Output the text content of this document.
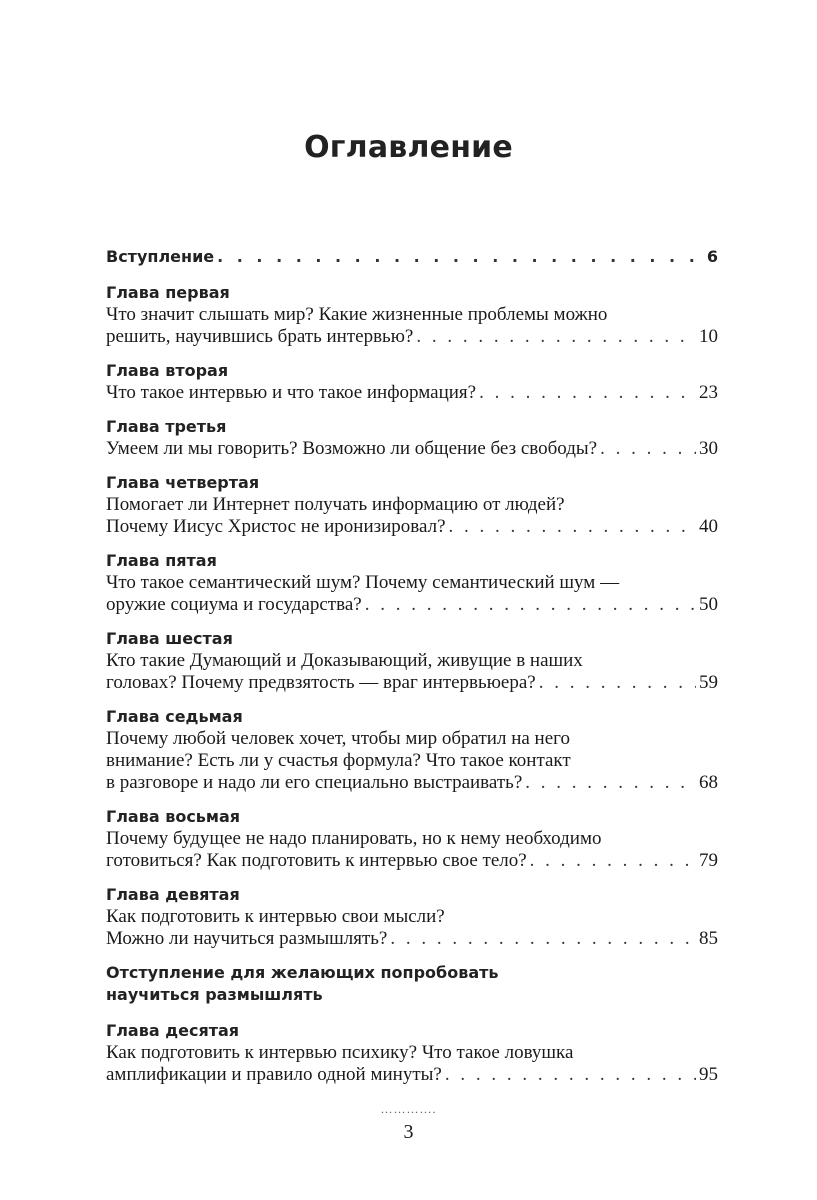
Оглавление
Вступление . . .	6
Глава первая
Что значит слышать мир? Какие жизненные проблемы можно
решить, научившись брать интервью? . . .	10
Глава вторая
Что такое интервью и что такое информация? . . .	23
Глава третья
Умеем ли мы говорить? Возможно ли общение без свободы? . . .	30
Глава четвертая
Помогает ли Интернет получать информацию от людей?
Почему Иисус Христос не иронизировал? . . .	40
Глава пятая
Что такое семантический шум? Почему семантический шум —
оружие социума и государства? . . .	50
Глава шестая
Кто такие Думающий и Доказывающий, живущие в наших
головах? Почему предвзятость — враг интервьюера? . . .	59
Глава седьмая
Почему любой человек хочет, чтобы мир обратил на него
внимание? Есть ли у счастья формула? Что такое контакт
в разговоре и надо ли его специально выстраивать? . . .	68
Глава восьмая
Почему будущее не надо планировать, но к нему необходимо
готовиться? Как подготовить к интервью свое тело? . . .	79
Глава девятая
Как подготовить к интервью свои мысли?
Можно ли научиться размышлять? . . .	85
Отступление для желающих попробовать
научиться размышлять
Глава десятая
Как подготовить к интервью психику? Что такое ловушка
амплификации и правило одной минуты? . . .	95
………….
3
